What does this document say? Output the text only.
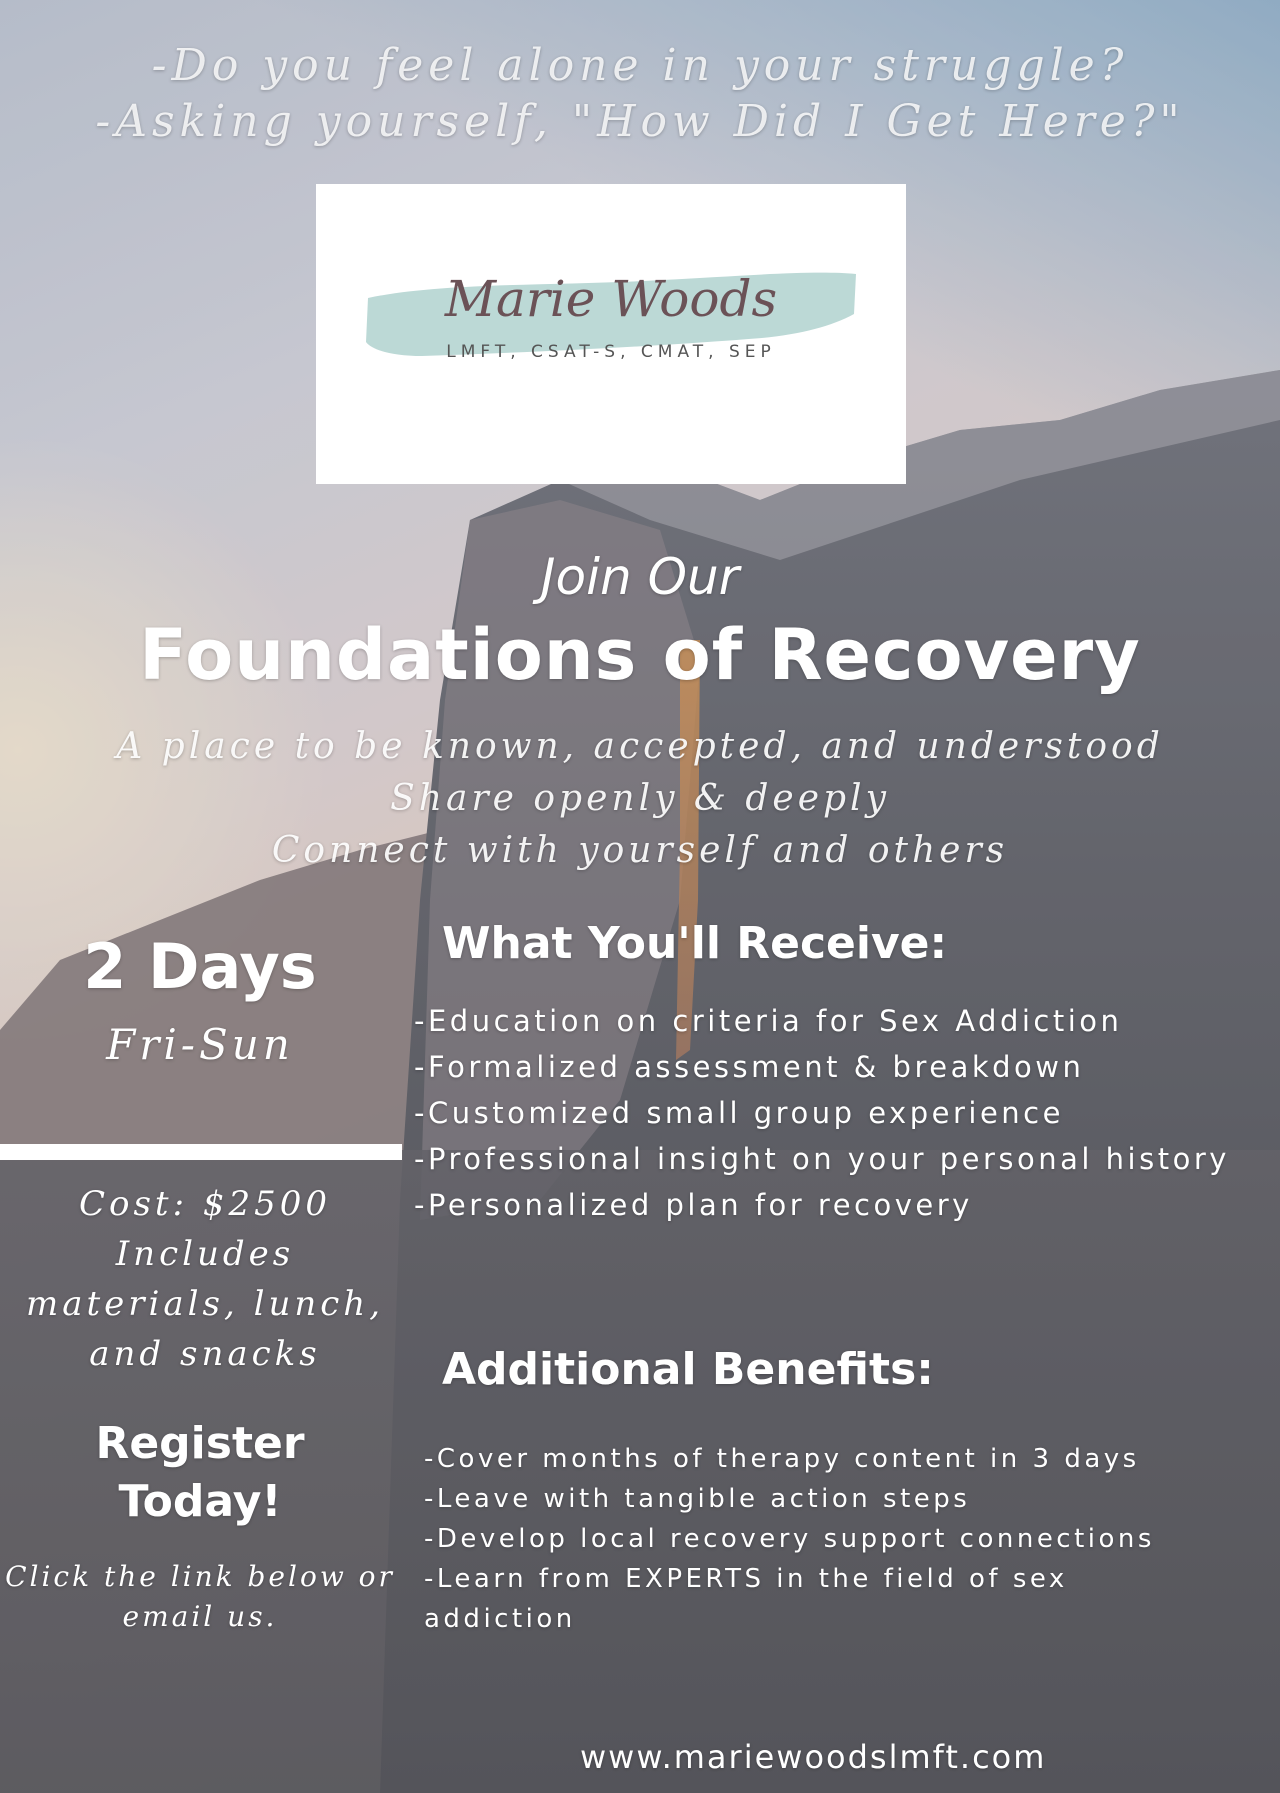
-Do you feel alone in your struggle?
-Asking yourself, "How Did I Get Here?"
Marie Woods
LMFT, CSAT-S, CMAT, SEP
Join Our
Foundations of Recovery
A place to be known, accepted, and understood
Share openly & deeply
Connect with yourself and others
2 Days
Fri-Sun
Cost: $2500
Includes
materials, lunch,
and snacks
Register
Today!
Click the link below or
email us.
What You'll Receive:
-Education on criteria for Sex Addiction
-Formalized assessment & breakdown
-Customized small group experience
-Professional insight on your personal history
-Personalized plan for recovery
Additional Benefits:
-Cover months of therapy content in 3 days
-Leave with tangible action steps
-Develop local recovery support connections
-Learn from EXPERTS in the field of sex
addiction
www.mariewoodslmft.com
